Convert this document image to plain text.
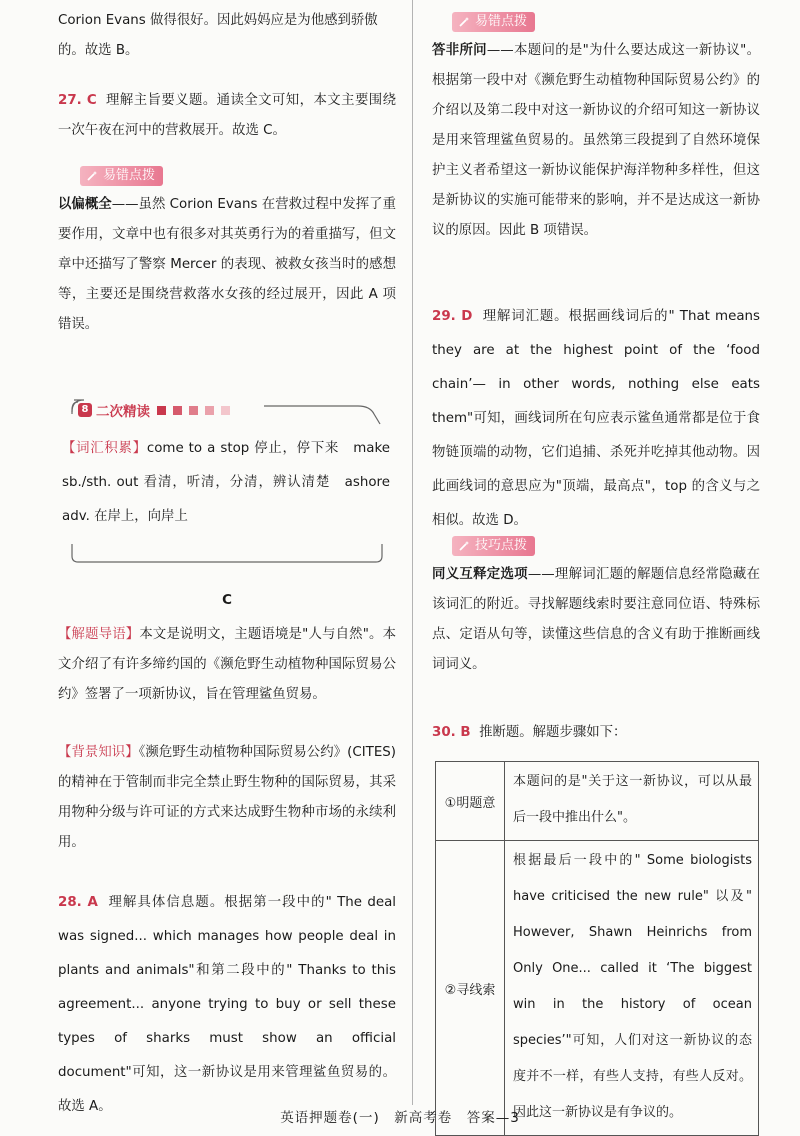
Corion Evans 做得很好。因此妈妈应是为他感到骄傲
的。故选 B。
27. C 理解主旨要义题。通读全文可知，本文主要围绕一次午夜在河中的营救展开。故选 C。
易错点拨
以偏概全——虽然 Corion Evans 在营救过程中发挥了重要作用，文章中也有很多对其英勇行为的着重描写，但文章中还描写了警察 Mercer 的表现、被救女孩当时的感想等，主要还是围绕营救落水女孩的经过展开，因此 A 项错误。
8 二次精读
【词汇积累】come to a stop 停止，停下来　make sb./sth. out 看清，听清，分清，辨认清楚　ashore adv. 在岸上，向岸上
C
【解题导语】本文是说明文，主题语境是"人与自然"。本文介绍了有许多缔约国的《濒危野生动植物种国际贸易公约》签署了一项新协议，旨在管理鲨鱼贸易。
【背景知识】《濒危野生动植物种国际贸易公约》(CITES)的精神在于管制而非完全禁止野生物种的国际贸易，其采用物种分级与许可证的方式来达成野生物种市场的永续利用。
28. A 理解具体信息题。根据第一段中的" The deal was signed... which manages how people deal in plants and animals"和第二段中的" Thanks to this agreement... anyone trying to buy or sell these types of sharks must show an official document"可知，这一新协议是用来管理鲨鱼贸易的。故选 A。
易错点拨
答非所问——本题问的是"为什么要达成这一新协议"。根据第一段中对《濒危野生动植物种国际贸易公约》的介绍以及第二段中对这一新协议的介绍可知这一新协议是用来管理鲨鱼贸易的。虽然第三段提到了自然环境保护主义者希望这一新协议能保护海洋物种多样性，但这是新协议的实施可能带来的影响，并不是达成这一新协议的原因。因此 B 项错误。
29. D 理解词汇题。根据画线词后的" That means they are at the highest point of the ‘food chain’— in other words, nothing else eats them"可知，画线词所在句应表示鲨鱼通常都是位于食物链顶端的动物，它们追捕、杀死并吃掉其他动物。因此画线词的意思应为"顶端，最高点"，top 的含义与之相似。故选 D。
技巧点拨
同义互释定选项——理解词汇题的解题信息经常隐藏在该词汇的附近。寻找解题线索时要注意同位语、特殊标点、定语从句等，读懂这些信息的含义有助于推断画线词词义。
30. B 推断题。解题步骤如下：
①明题意	本题问的是"关于这一新协议，可以从最后一段中推出什么"。
②寻线索	根据最后一段中的" Some biologists have criticised the new rule" 以及" However, Shawn Heinrichs from Only One... called it ‘The biggest win in the history of ocean species’"可知，人们对这一新协议的态度并不一样，有些人支持，有些人反对。因此这一新协议是有争议的。
英语押题卷(一)　新高考卷　答案—3
